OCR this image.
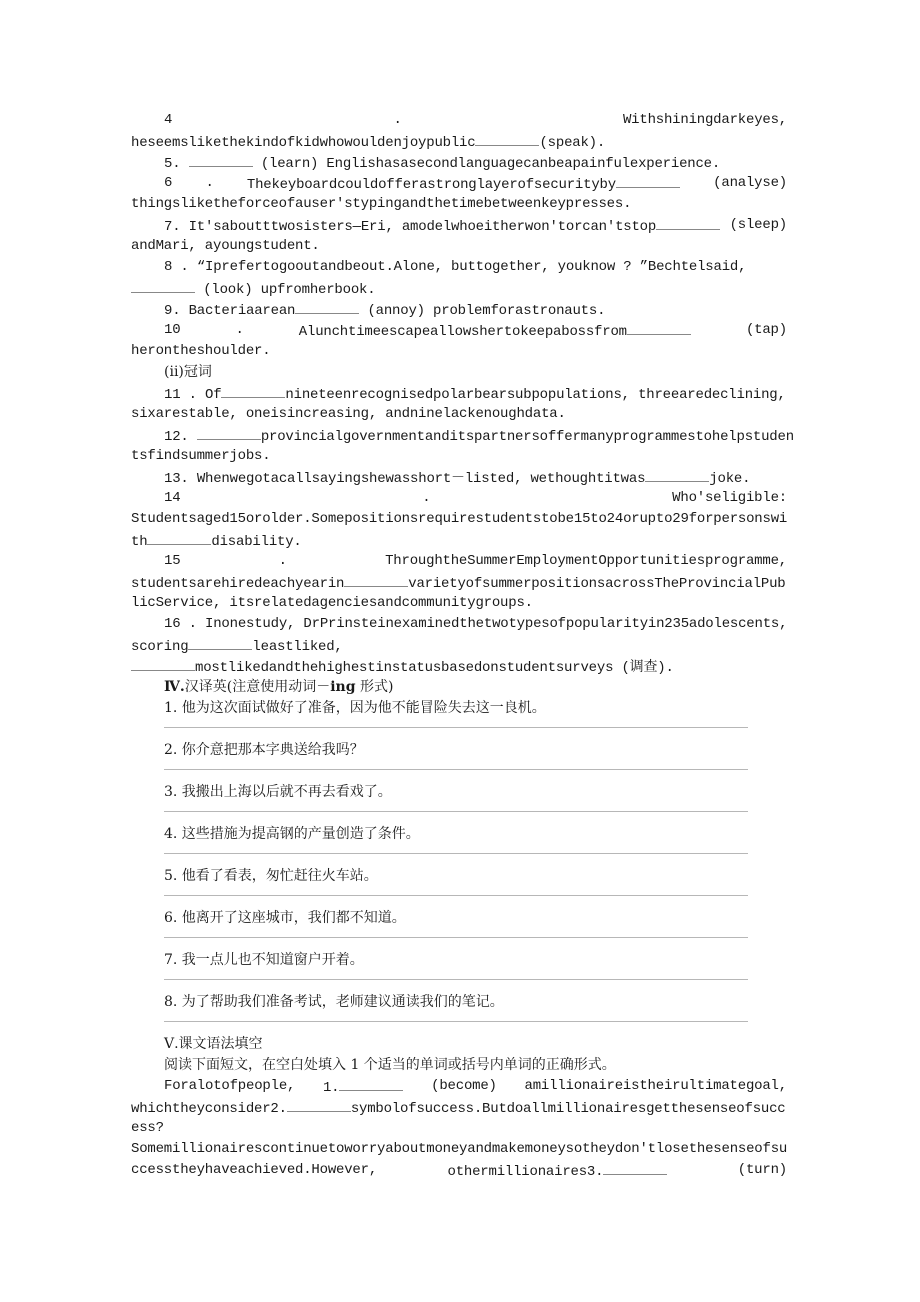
4	.	Withshiningdarkeyes,
heseemslikethekindofkidwhowouldenjoypublic	(speak).
5.	(learn) Englishasasecondlanguagecanbeapainfulexperience.
6 . Thekeyboardcouldofferastronglayerofsecurityby	(analyse)
thingsliketheforceofauser'stypingandthetimebetweenkeypresses.
7. It'saboutttwosisters—Eri, amodelwhoeitherwon'torcan'tstop	(sleep)
andMari, ayoungstudent.
8 . “Iprefertogooutandbeout.Alone, buttogether, youknow ? ”Bechtelsaid,
(look) upfromherbook.
9. Bacteriaarean	(annoy) problemforastronauts.
10	.	Alunchtimeescapeallowshertokeepabossfrom	(tap)
herontheshoulder.
(ii)冠词
11 . Of	nineteenrecognisedpolarbearsubpopulations, threearedeclining,
sixarestable, oneisincreasing, andninelackenoughdata.
12.	provincialgovernmentanditspartnersoffermanyprogrammestohelpstuden
tsfindsummerjobs.
13. Whenwegotacallsayingshewasshort－listed, wethoughtitwas	joke.
14	.	Who'seligible:
Studentsaged15orolder.Somepositionsrequirestudentstobe15to24orupto29forpersonswi
th	disability.
15	.	ThroughtheSummerEmploymentOpportunitiesprogramme,
studentsarehiredeachyearin	varietyofsummerpositionsacrossTheProvincialPub
licService, itsrelatedagenciesandcommunitygroups.
16 . Inonestudy, DrPrinsteinexaminedthetwotypesofpopularityin235adolescents,
scoring	leastliked,
mostlikedandthehighestinstatusbasedonstudentsurveys (调查).
Ⅳ.汉译英(注意使用动词－ing 形式)
1. 他为这次面试做好了准备，因为他不能冒险失去这一良机。
2. 你介意把那本字典送给我吗？
3. 我搬出上海以后就不再去看戏了。
4. 这些措施为提高钢的产量创造了条件。
5. 他看了看表，匆忙赶往火车站。
6. 他离开了这座城市，我们都不知道。
7. 我一点儿也不知道窗户开着。
8. 为了帮助我们准备考试，老师建议通读我们的笔记。
Ⅴ.课文语法填空
阅读下面短文，在空白处填入 1 个适当的单词或括号内单词的正确形式。
Foralotofpeople, 1.	(become) amillionaireistheirultimategoal,
whichtheyconsider2.	symbolofsuccess.Butdoallmillionairesgetthesenseofsucc
ess?
Somemillionairescontinuetoworryaboutmoneyandmakemoneysotheydon'tlosethesenseofsu
ccesstheyhaveachieved.However,	othermillionaires3.	(turn)
